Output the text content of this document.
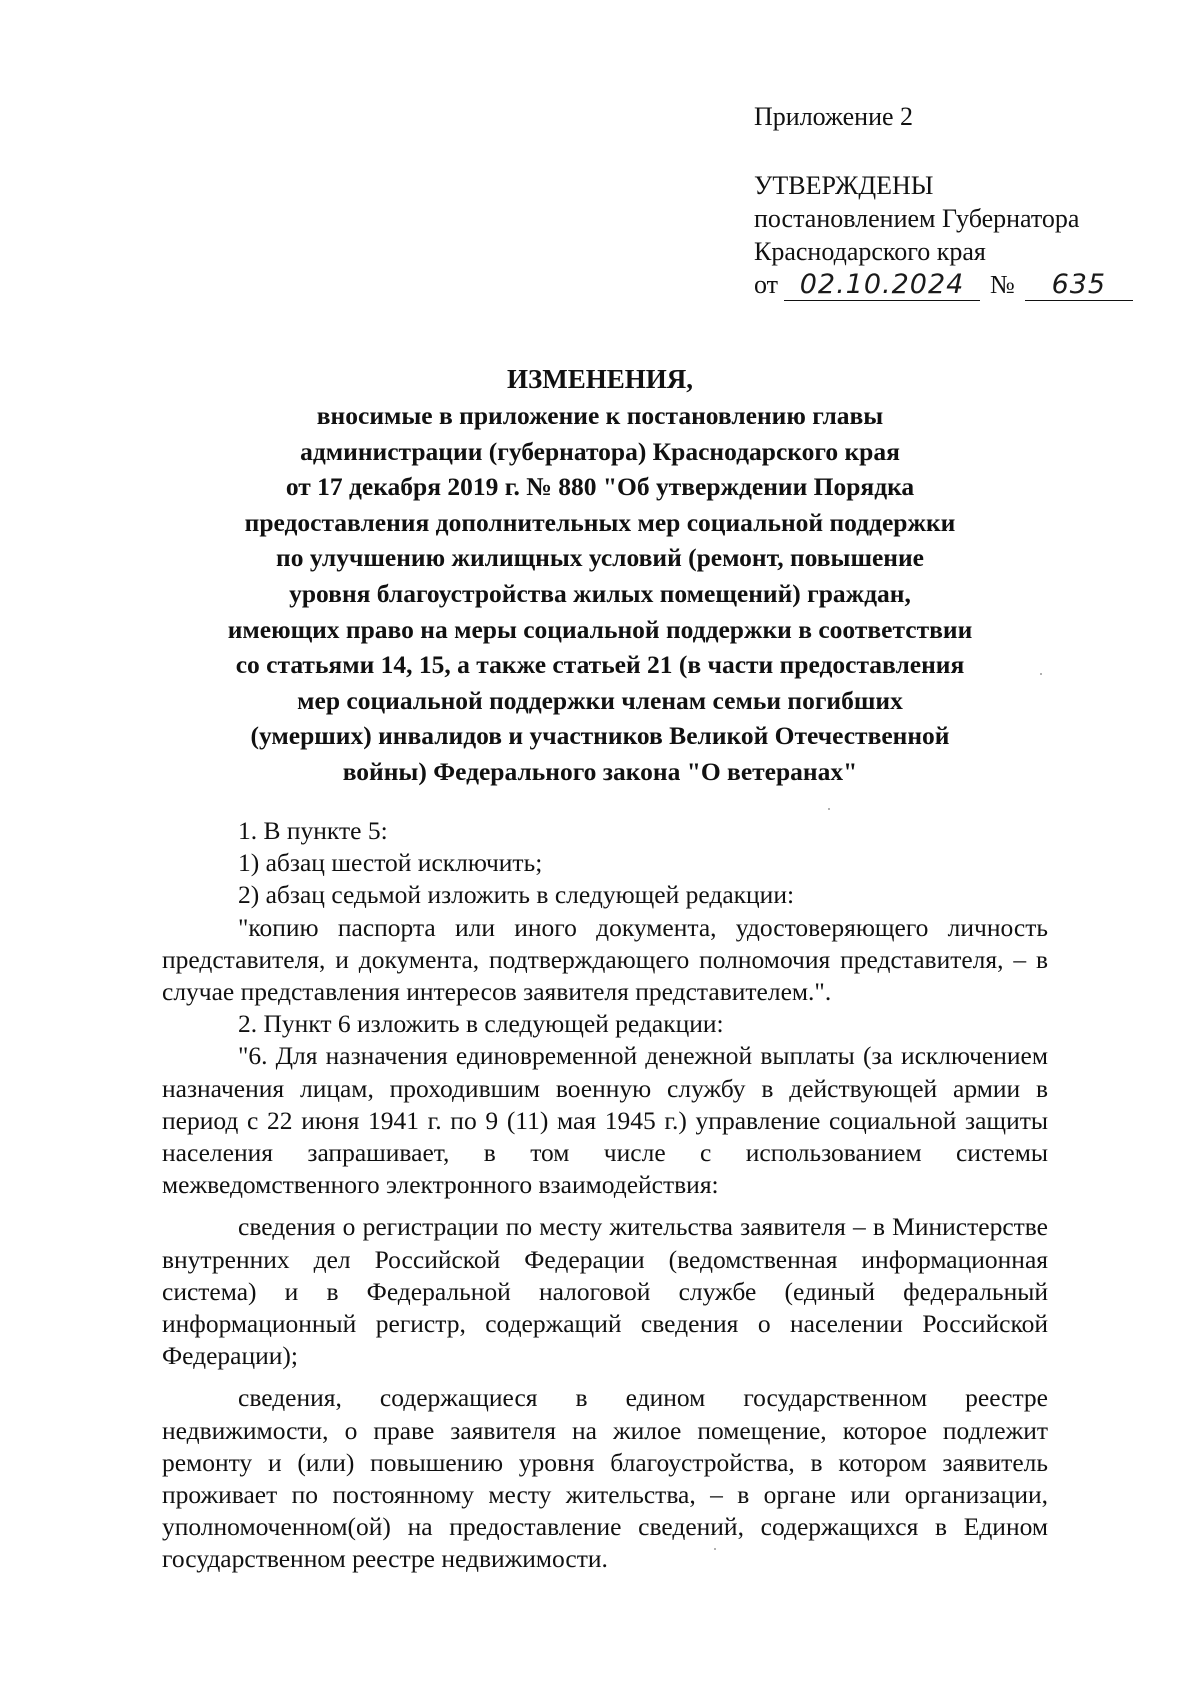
Приложение 2
УТВЕРЖДЕНЫ
постановлением Губернатора
Краснодарского края
от 02.10.2024 №	635
ИЗМЕНЕНИЯ,
вносимые в приложение к постановлению главы
администрации (губернатора) Краснодарского края
от 17 декабря 2019 г. № 880 "Об утверждении Порядка
предоставления дополнительных мер социальной поддержки
по улучшению жилищных условий (ремонт, повышение
уровня благоустройства жилых помещений) граждан,
имеющих право на меры социальной поддержки в соответствии
со статьями 14, 15, а также статьей 21 (в части предоставления
мер социальной поддержки членам семьи погибших
(умерших) инвалидов и участников Великой Отечественной
войны) Федерального закона "О ветеранах"

1. В пункте 5:

1) абзац шестой исключить;

2) абзац седьмой изложить в следующей редакции:

"копию паспорта или иного документа, удостоверяющего личность представителя, и документа, подтверждающего полномочия представителя, – в случае представления интересов заявителя представителем.".

2. Пункт 6 изложить в следующей редакции:

"6. Для назначения единовременной денежной выплаты (за исключением назначения лицам, проходившим военную службу в действующей армии в период с 22 июня 1941 г. по 9 (11) мая 1945 г.) управление социальной защиты населения запрашивает, в том числе с использованием системы межведомственного электронного взаимодействия:

сведения о регистрации по месту жительства заявителя – в Министерстве внутренних дел Российской Федерации (ведомственная информационная система) и в Федеральной налоговой службе (единый федеральный информационный регистр, содержащий сведения о населении Российской Федерации);

сведения, содержащиеся в едином государственном реестре недвижимости, о праве заявителя на жилое помещение, которое подлежит ремонту и (или) повышению уровня благоустройства, в котором заявитель проживает по постоянному месту жительства, – в органе или организации, уполномоченном(ой) на предоставление сведений, содержащихся в Едином государственном реестре недвижимости.
